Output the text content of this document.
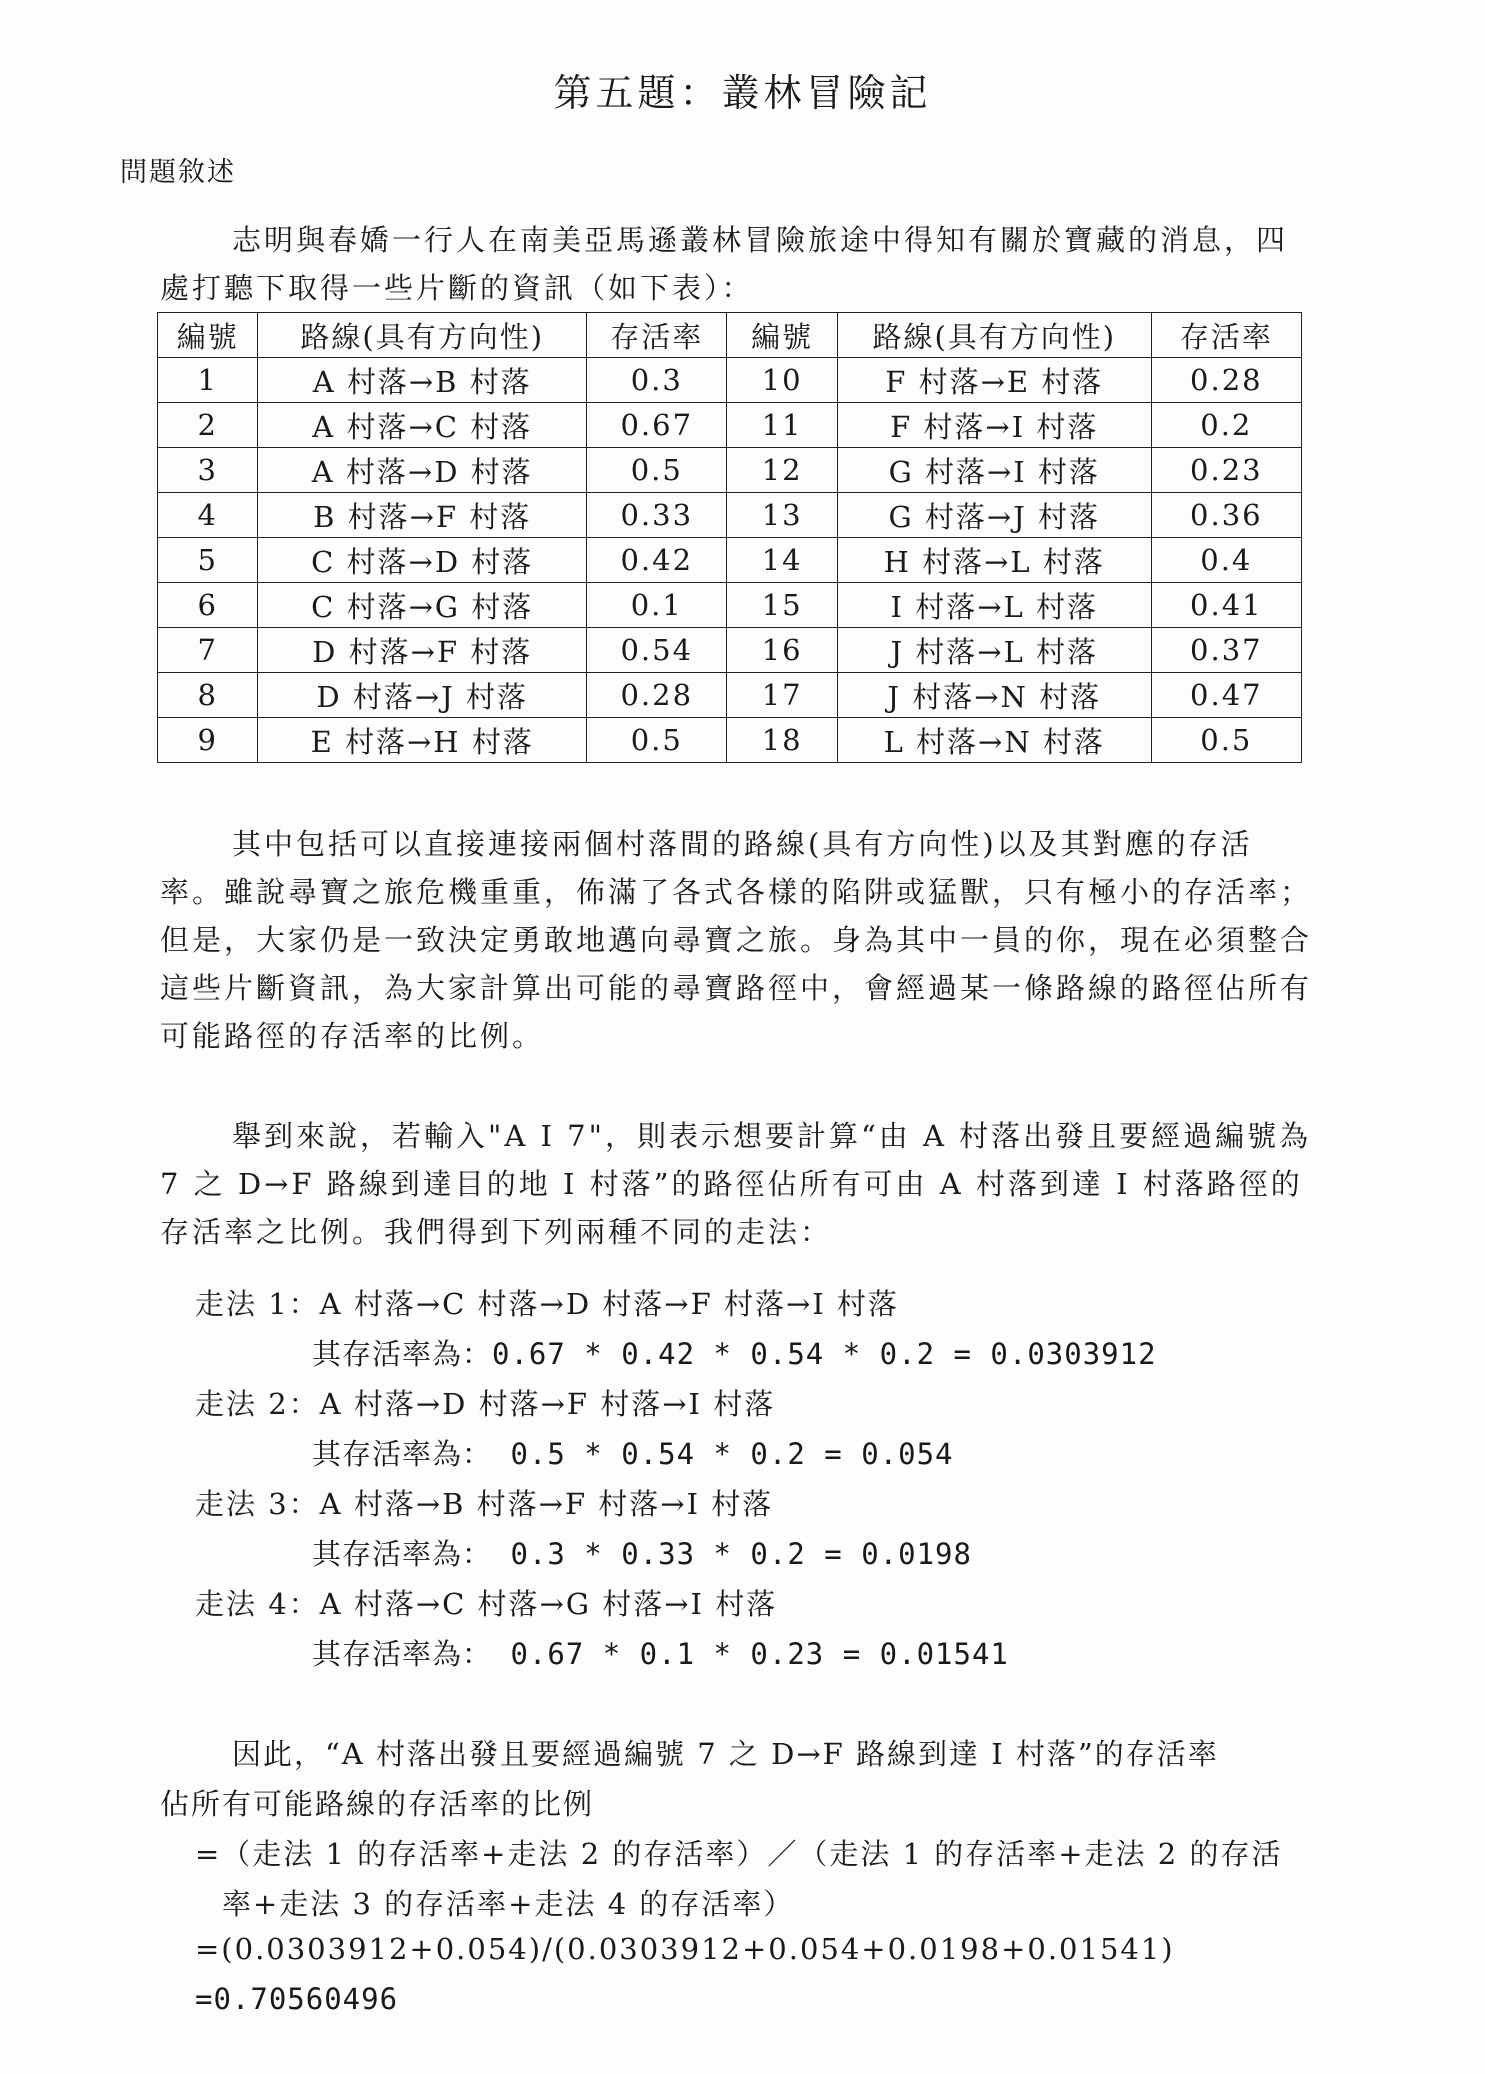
第五題：叢林冒險記
問題敘述
志明與春嬌一行人在南美亞馬遜叢林冒險旅途中得知有關於寶藏的消息，四處打聽下取得一些片斷的資訊（如下表）：
編號	路線(具有方向性)	存活率	編號	路線(具有方向性)	存活率
1	A 村落→B 村落	0.3	10	F 村落→E 村落	0.28
2	A 村落→C 村落	0.67	11	F 村落→I 村落	0.2
3	A 村落→D 村落	0.5	12	G 村落→I 村落	0.23
4	B 村落→F 村落	0.33	13	G 村落→J 村落	0.36
5	C 村落→D 村落	0.42	14	H 村落→L 村落	0.4
6	C 村落→G 村落	0.1	15	I 村落→L 村落	0.41
7	D 村落→F 村落	0.54	16	J 村落→L 村落	0.37
8	D 村落→J 村落	0.28	17	J 村落→N 村落	0.47
9	E 村落→H 村落	0.5	18	L 村落→N 村落	0.5
其中包括可以直接連接兩個村落間的路線(具有方向性)以及其對應的存活率。雖說尋寶之旅危機重重，佈滿了各式各樣的陷阱或猛獸，只有極小的存活率；但是，大家仍是一致決定勇敢地邁向尋寶之旅。身為其中一員的你，現在必須整合這些片斷資訊，為大家計算出可能的尋寶路徑中，會經過某一條路線的路徑佔所有可能路徑的存活率的比例。
舉到來說，若輸入"A I 7"，則表示想要計算“由 A 村落出發且要經過編號為 7 之 D→F 路線到達目的地 I 村落”的路徑佔所有可由 A 村落到達 I 村落路徑的存活率之比例。我們得到下列兩種不同的走法：
走法 1：A 村落→C 村落→D 村落→F 村落→I 村落
其存活率為：0.67 * 0.42 * 0.54 * 0.2 = 0.0303912
走法 2：A 村落→D 村落→F 村落→I 村落
其存活率為： 0.5 * 0.54 * 0.2 = 0.054
走法 3：A 村落→B 村落→F 村落→I 村落
其存活率為： 0.3 * 0.33 * 0.2 = 0.0198
走法 4：A 村落→C 村落→G 村落→I 村落
其存活率為： 0.67 * 0.1 * 0.23 = 0.01541
因此，“A 村落出發且要經過編號 7 之 D→F 路線到達 I 村落”的存活率
佔所有可能路線的存活率的比例
=（走法 1 的存活率+走法 2 的存活率）／（走法 1 的存活率+走法 2 的存活
率+走法 3 的存活率+走法 4 的存活率）
=(0.0303912+0.054)/(0.0303912+0.054+0.0198+0.01541)
=0.70560496
